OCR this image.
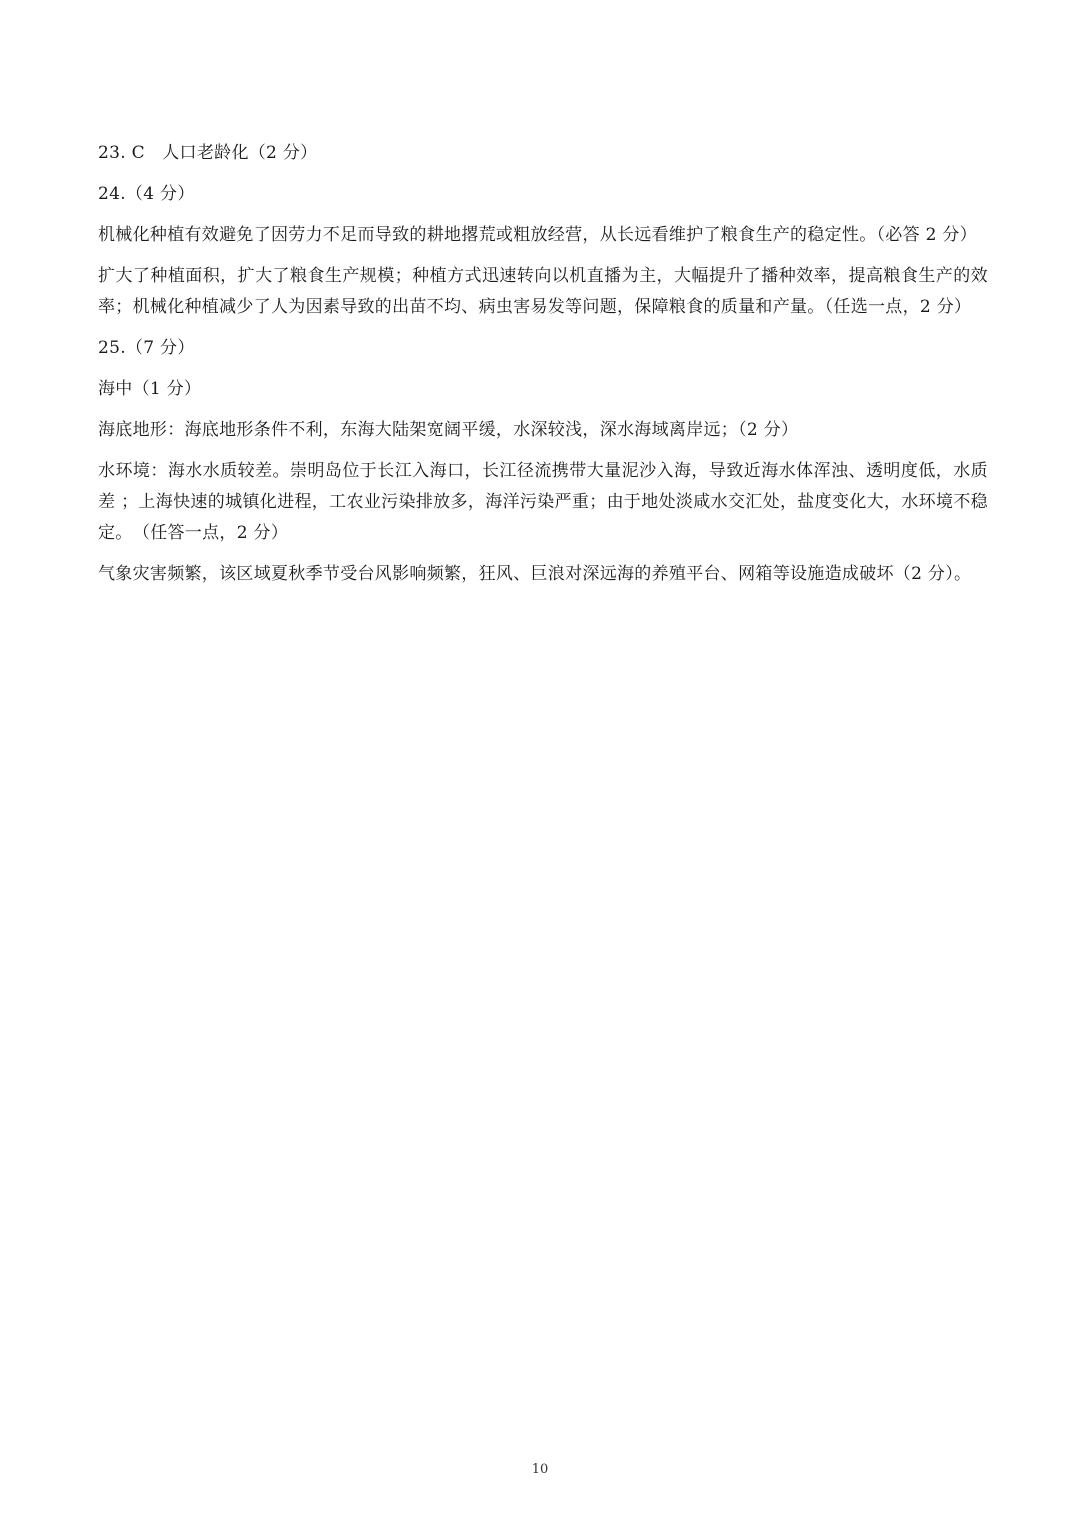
23. C　人口老龄化（2 分）

24.（4 分）

机械化种植有效避免了因劳力不足而导致的耕地撂荒或粗放经营，从长远看维护了粮食生产的稳定性。（必答 2 分）

扩大了种植面积，扩大了粮食生产规模；种植方式迅速转向以机直播为主，大幅提升了播种效率，提高粮食生产的效率；机械化种植减少了人为因素导致的出苗不均、病虫害易发等问题，保障粮食的质量和产量。（任选一点，2 分）

25.（7 分）

海中（1 分）

海底地形：海底地形条件不利，东海大陆架宽阔平缓，水深较浅，深水海域离岸远；（2 分）

水环境：海水水质较差。崇明岛位于长江入海口，长江径流携带大量泥沙入海，导致近海水体浑浊、透明度低，水质差 ；上海快速的城镇化进程，工农业污染排放多，海洋污染严重；由于地处淡咸水交汇处，盐度变化大，水环境不稳定。　（任答一点，2 分）

气象灾害频繁，该区域夏秋季节受台风影响频繁，狂风、巨浪对深远海的养殖平台、网箱等设施造成破坏（2 分）。

10
